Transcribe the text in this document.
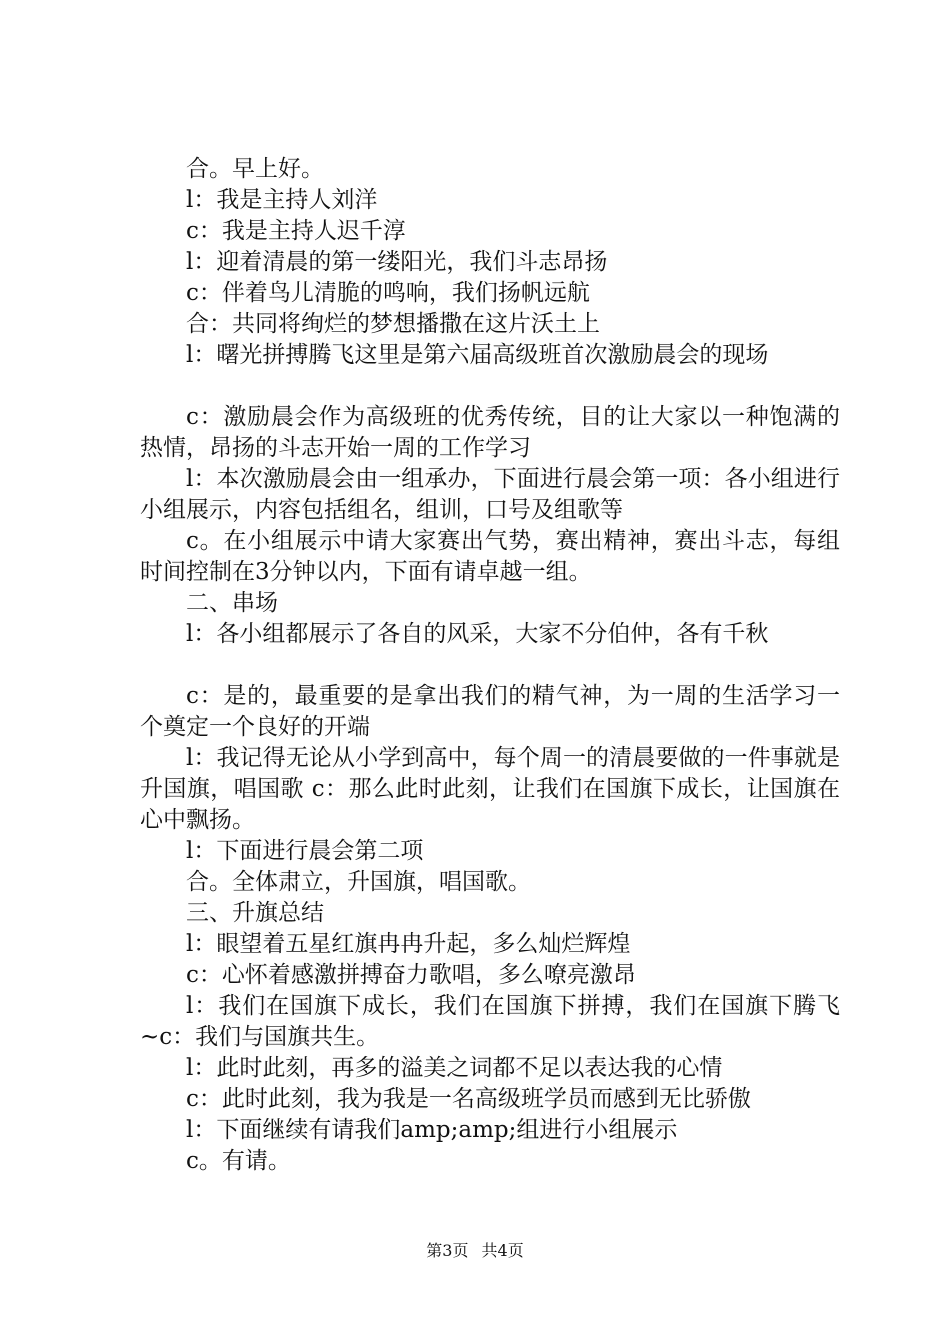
合。早上好。

l：我是主持人刘洋

c：我是主持人迟千淳

l：迎着清晨的第一缕阳光，我们斗志昂扬

c：伴着鸟儿清脆的鸣响，我们扬帆远航

合：共同将绚烂的梦想播撒在这片沃土上

l：曙光拼搏腾飞这里是第六届高级班首次激励晨会的现场

c：激励晨会作为高级班的优秀传统，目的让大家以一种饱满的热情，昂扬的斗志开始一周的工作学习

l：本次激励晨会由一组承办，下面进行晨会第一项：各小组进行小组展示，内容包括组名，组训，口号及组歌等

c。在小组展示中请大家赛出气势，赛出精神，赛出斗志，每组时间控制在3分钟以内，下面有请卓越一组。

二、串场

l：各小组都展示了各自的风采，大家不分伯仲，各有千秋

c：是的，最重要的是拿出我们的精气神，为一周的生活学习一个奠定一个良好的开端

l：我记得无论从小学到高中，每个周一的清晨要做的一件事就是升国旗，唱国歌 c：那么此时此刻，让我们在国旗下成长，让国旗在心中飘扬。

l：下面进行晨会第二项

合。全体肃立，升国旗，唱国歌。

三、升旗总结

l：眼望着五星红旗冉冉升起，多么灿烂辉煌

c：心怀着感激拼搏奋力歌唱，多么嘹亮激昂

l：我们在国旗下成长，我们在国旗下拼搏，我们在国旗下腾飞~c：我们与国旗共生。

l：此时此刻，再多的溢美之词都不足以表达我的心情

c：此时此刻，我为我是一名高级班学员而感到无比骄傲

l：下面继续有请我们amp;amp;组进行小组展示

c。有请。

第3页 共4页
